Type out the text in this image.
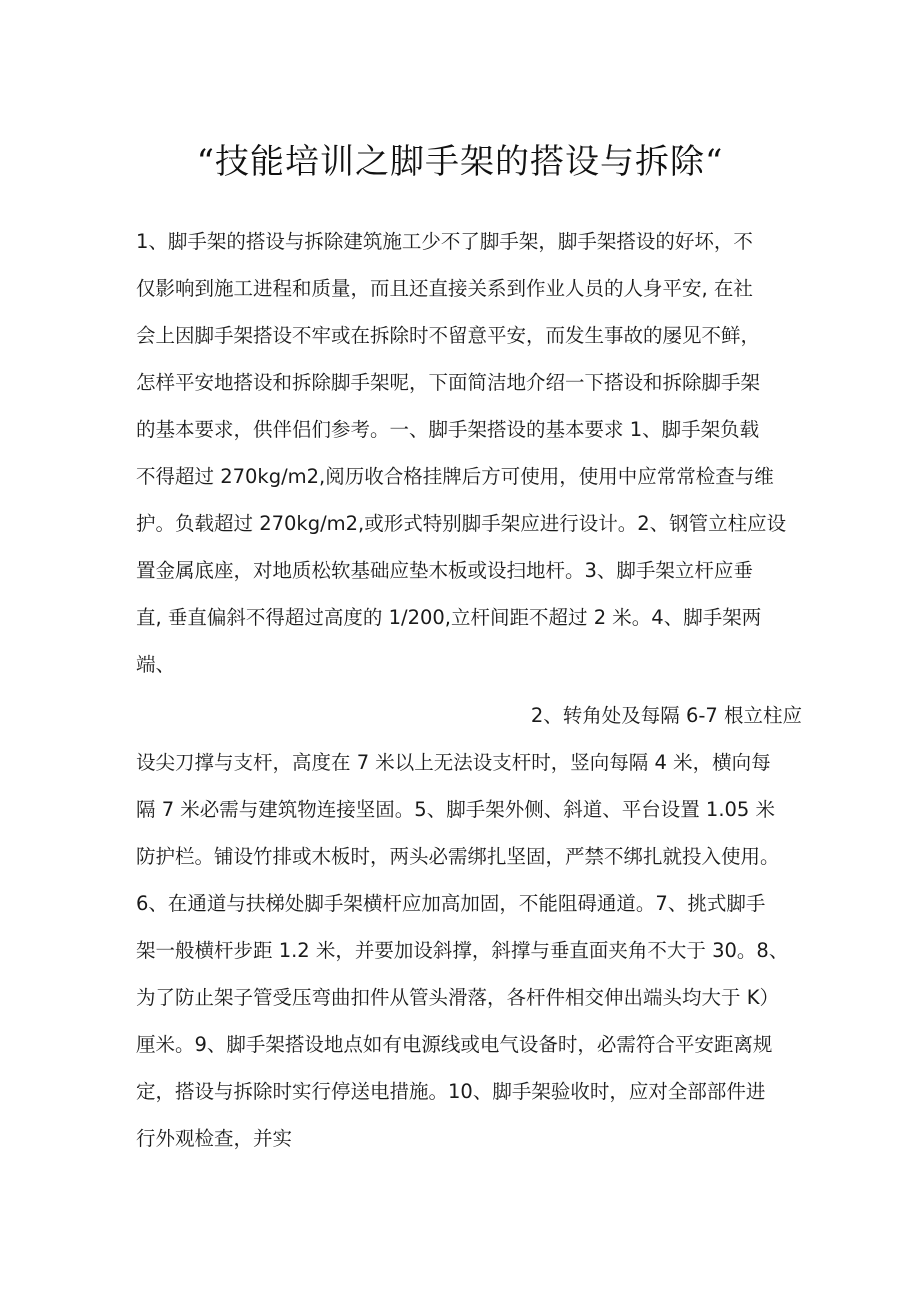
“技能培训之脚手架的搭设与拆除“
1、脚手架的搭设与拆除建筑施工少不了脚手架，脚手架搭设的好坏，不
仅影响到施工进程和质量，而且还直接关系到作业人员的人身平安, 在社
会上因脚手架搭设不牢或在拆除时不留意平安，而发生事故的屡见不鲜，
怎样平安地搭设和拆除脚手架呢，下面简洁地介绍一下搭设和拆除脚手架
的基本要求，供伴侣们参考。一、脚手架搭设的基本要求 1、脚手架负载
不得超过 270kg/m2,阅历收合格挂牌后方可使用，使用中应常常检查与维
护。负载超过 270kg/m2,或形式特别脚手架应进行设计。2、钢管立柱应设
置金属底座，对地质松软基础应垫木板或设扫地杆。3、脚手架立杆应垂
直, 垂直偏斜不得超过高度的 1/200,立杆间距不超过 2 米。4、脚手架两
端、
2、转角处及每隔 6-7 根立柱应
设尖刀撑与支杆，高度在 7 米以上无法设支杆时，竖向每隔 4 米，横向每
隔 7 米必需与建筑物连接坚固。5、脚手架外侧、斜道、平台设置 1.05 米
防护栏。铺设竹排或木板时，两头必需绑扎坚固，严禁不绑扎就投入使用。
6、在通道与扶梯处脚手架横杆应加高加固，不能阻碍通道。7、挑式脚手
架一般横杆步距 1.2 米，并要加设斜撑，斜撑与垂直面夹角不大于 30。8、
为了防止架子管受压弯曲扣件从管头滑落，各杆件相交伸出端头均大于 K）
厘米。9、脚手架搭设地点如有电源线或电气设备时，必需符合平安距离规
定，搭设与拆除时实行停送电措施。10、脚手架验收时，应对全部部件进
行外观检查，并实
